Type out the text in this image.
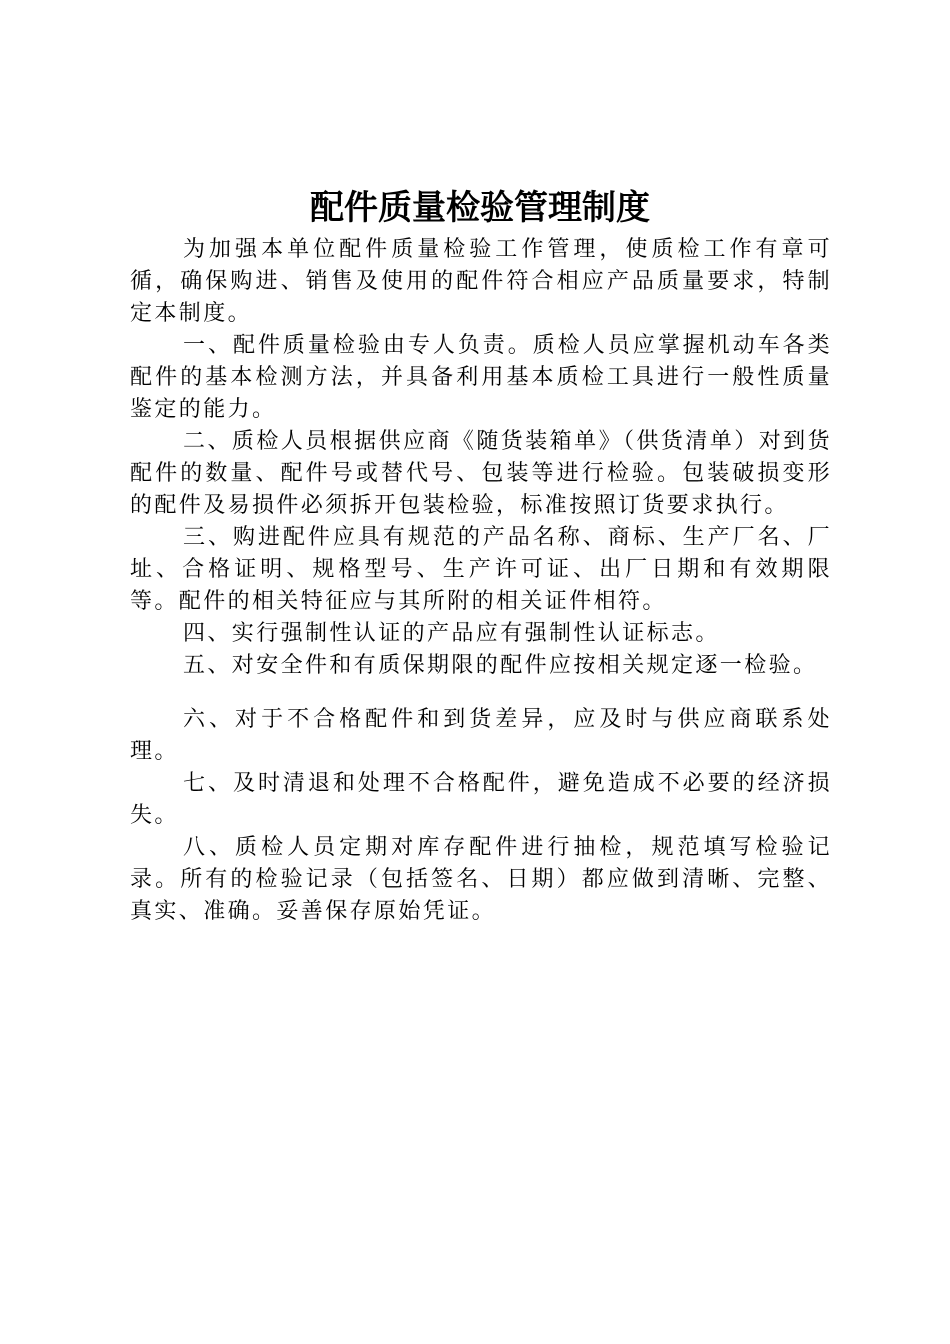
配件质量检验管理制度

为加强本单位配件质量检验工作管理，使质检工作有章可循，确保购进、销售及使用的配件符合相应产品质量要求，特制定本制度。

一、配件质量检验由专人负责。质检人员应掌握机动车各类配件的基本检测方法，并具备利用基本质检工具进行一般性质量鉴定的能力。

二、质检人员根据供应商《随货装箱单》（供货清单）对到货配件的数量、配件号或替代号、包装等进行检验。包装破损变形的配件及易损件必须拆开包装检验，标准按照订货要求执行。

三、购进配件应具有规范的产品名称、商标、生产厂名、厂址、合格证明、规格型号、生产许可证、出厂日期和有效期限等。配件的相关特征应与其所附的相关证件相符。

四、实行强制性认证的产品应有强制性认证标志。

五、对安全件和有质保期限的配件应按相关规定逐一检验。

六、对于不合格配件和到货差异，应及时与供应商联系处理。

七、及时清退和处理不合格配件，避免造成不必要的经济损失。

八、质检人员定期对库存配件进行抽检，规范填写检验记录。所有的检验记录（包括签名、日期）都应做到清晰、完整、真实、准确。妥善保存原始凭证。
